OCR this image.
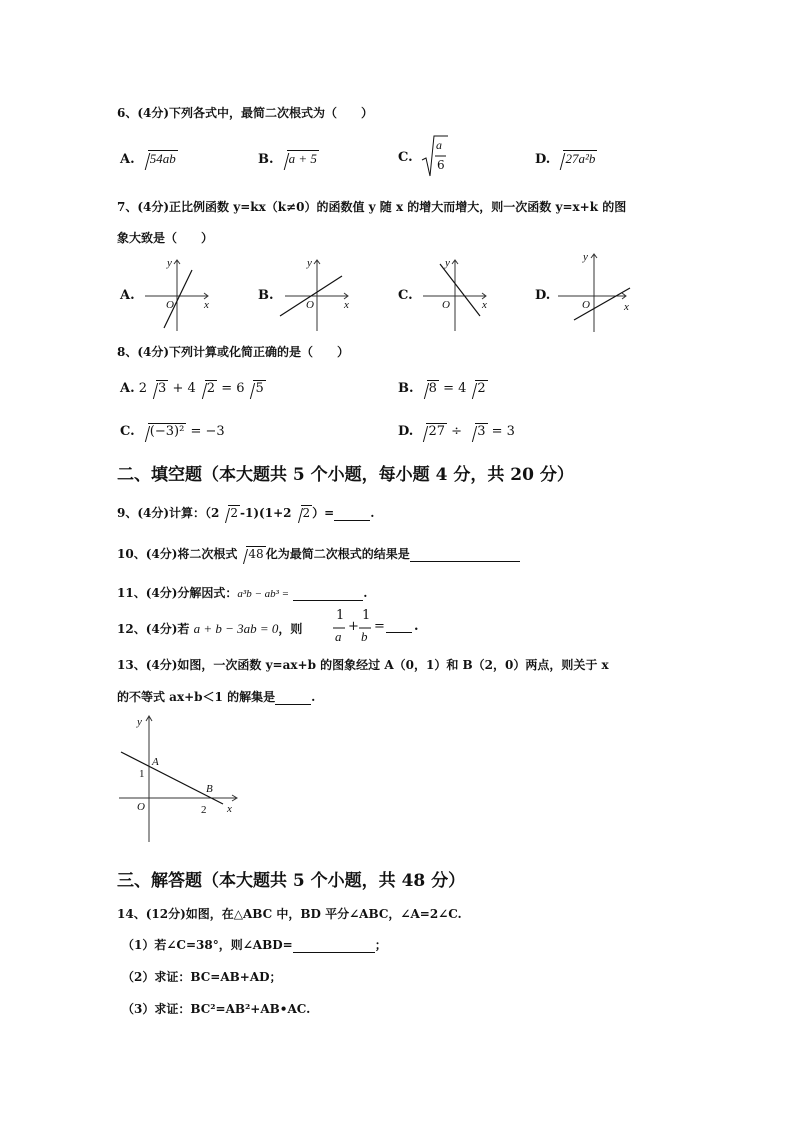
6、(4分)下列各式中，最简二次根式为（　　）
A. 54ab	B. a + 5	C.
a
6	D. 27a²b
7、(4分)正比例函数 y=kx（k≠0）的函数值 y 随 x 的增大而增大，则一次函数 y=x+k 的图
象大致是（　　）
A.	B.	C.	D.
y
x
O
y
x
O
y
x
O
y
x
O
8、(4分)下列计算或化简正确的是（　　）
A. 2 3 + 4 2 = 6 5	B. 8 = 4 2
C. (−3)² = −3	D. 27 ÷ 3 = 3
二、填空题（本大题共 5 个小题，每小题 4 分，共 20 分）
9、(4分)计算：（2 2 -1)(1+2 2 ）=	.
10、(4分)将二次根式 48 化为最简二次根式的结果是
11、(4分)分解因式：a³b − ab³ =	.
12、(4分)若 a + b − 3ab = 0，则
1
a
+
1
b
= .
13、(4分)如图，一次函数 y=ax+b 的图象经过 A（0，1）和 B（2，0）两点，则关于 x
的不等式 ax+b＜1 的解集是	.
y
x
O
A
B
1
2
三、解答题（本大题共 5 个小题，共 48 分）
14、(12分)如图，在△ABC 中，BD 平分∠ABC，∠A=2∠C.
（1）若∠C=38°，则∠ABD=	；
（2）求证：BC=AB+AD；
（3）求证：BC²=AB²+AB•AC.
